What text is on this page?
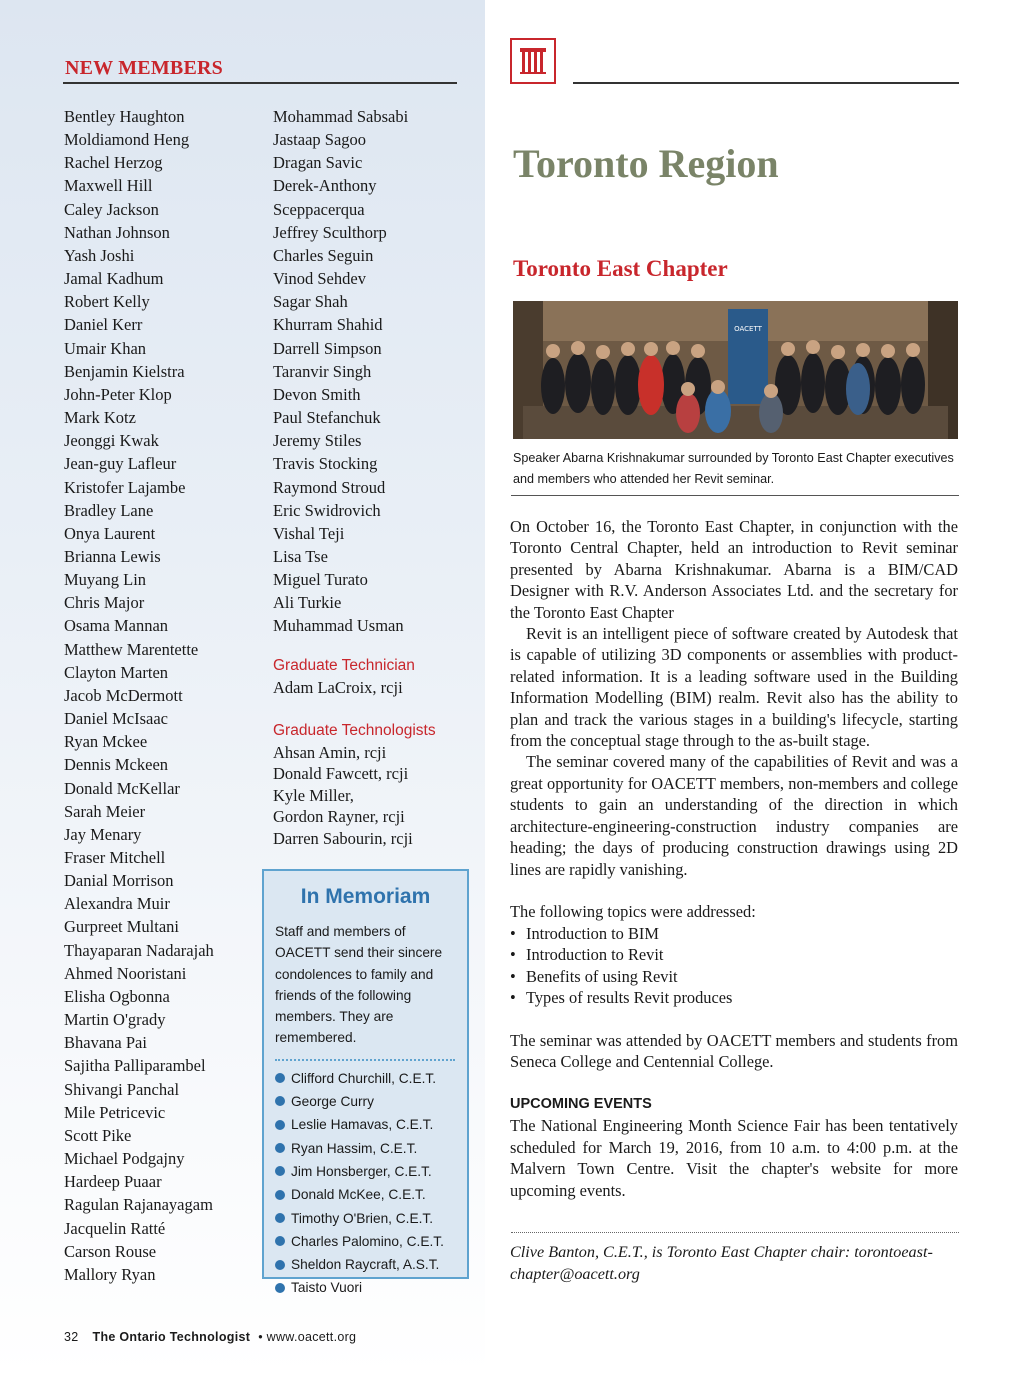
NEW MEMBERS
Bentley Haughton
Moldiamond Heng
Rachel Herzog
Maxwell Hill
Caley Jackson
Nathan Johnson
Yash Joshi
Jamal Kadhum
Robert Kelly
Daniel Kerr
Umair Khan
Benjamin Kielstra
John-Peter Klop
Mark Kotz
Jeonggi Kwak
Jean-guy Lafleur
Kristofer Lajambe
Bradley Lane
Onya Laurent
Brianna Lewis
Muyang Lin
Chris Major
Osama Mannan
Matthew Marentette
Clayton Marten
Jacob McDermott
Daniel McIsaac
Ryan Mckee
Dennis Mckeen
Donald McKellar
Sarah Meier
Jay Menary
Fraser Mitchell
Danial Morrison
Alexandra Muir
Gurpreet Multani
Thayaparan Nadarajah
Ahmed Nooristani
Elisha Ogbonna
Martin O'grady
Bhavana Pai
Sajitha Palliparambel
Shivangi Panchal
Mile Petricevic
Scott Pike
Michael Podgajny
Hardeep Puaar
Ragulan Rajanayagam
Jacquelin Ratté
Carson Rouse
Mallory Ryan
Mohammad Sabsabi
Jastaap Sagoo
Dragan Savic
Derek-Anthony
Sceppacerqua
Jeffrey Sculthorp
Charles Seguin
Vinod Sehdev
Sagar Shah
Khurram Shahid
Darrell Simpson
Taranvir Singh
Devon Smith
Paul Stefanchuk
Jeremy Stiles
Travis Stocking
Raymond Stroud
Eric Swidrovich
Vishal Teji
Lisa Tse
Miguel Turato
Ali Turkie
Muhammad Usman
Graduate Technician
Adam LaCroix, rcji
Graduate Technologists
Ahsan Amin, rcji
Donald Fawcett, rcji
Kyle Miller,
Gordon Rayner, rcji
Darren Sabourin, rcji
In Memoriam
Staff and members of OACETT send their sincere condolences to family and friends of the following members. They are remembered.
Clifford Churchill, C.E.T.
George Curry
Leslie Hamavas, C.E.T.
Ryan Hassim, C.E.T.
Jim Honsberger, C.E.T.
Donald McKee, C.E.T.
Timothy O'Brien, C.E.T.
Charles Palomino, C.E.T.
Sheldon Raycraft, A.S.T.
Taisto Vuori
32 The Ontario Technologist • www.oacett.org
Toronto Region
Toronto East Chapter
OACETT
Speaker Abarna Krishnakumar surrounded by Toronto East Chapter executives and members who attended her Revit seminar.

On October 16, the Toronto East Chapter, in conjunction with the Toronto Central Chapter, held an introduction to Revit seminar presented by Abarna Krishnakumar. Abarna is a BIM/CAD Designer with R.V. Anderson Associates Ltd. and the secretary for the Toronto East Chapter

Revit is an intelligent piece of software created by Autodesk that is capable of utilizing 3D components or assemblies with product-related information. It is a leading software used in the Building Information Modelling (BIM) realm. Revit also has the ability to plan and track the various stages in a building's lifecycle, starting from the conceptual stage through to the as-built stage.

The seminar covered many of the capabilities of Revit and was a great opportunity for OACETT members, non-members and college students to gain an understanding of the direction in which architecture-engineering-construction industry companies are heading; the days of producing construction drawings using 2D lines are rapidly vanishing.

The following topics were addressed:

• Introduction to BIM
• Introduction to Revit
• Benefits of using Revit
• Types of results Revit produces

The seminar was attended by OACETT members and students from Seneca College and Centennial College.

UPCOMING EVENTS

The National Engineering Month Science Fair has been tentatively scheduled for March 19, 2016, from 10 a.m. to 4:00 p.m. at the Malvern Town Centre. Visit the chapter's website for more upcoming events.

Clive Banton, C.E.T., is Toronto East Chapter chair: torontoeast-chapter@oacett.org
